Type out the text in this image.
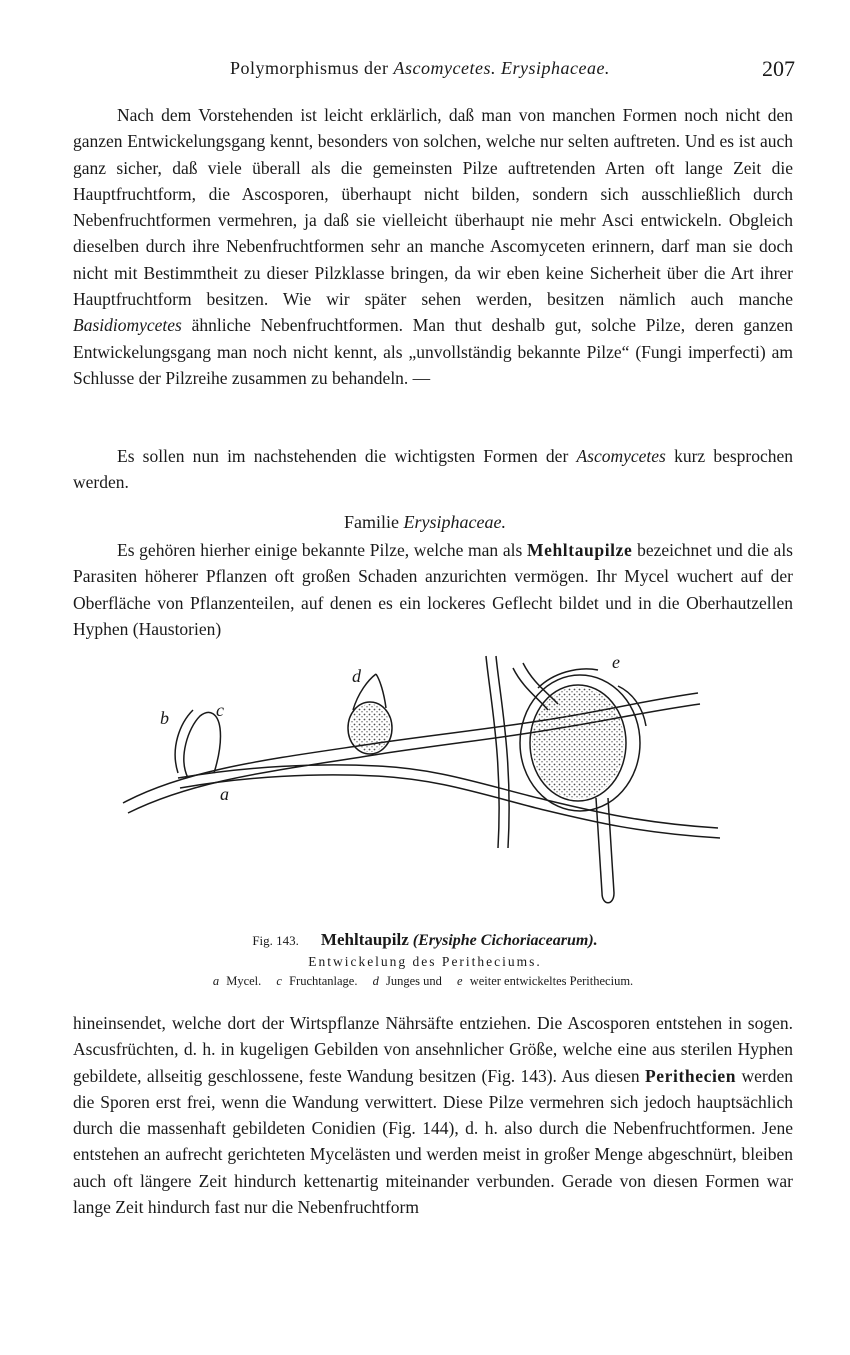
Polymorphismus der Ascomycetes. Erysiphaceae.	207

Nach dem Vorstehenden ist leicht erklärlich, daß man von manchen Formen noch nicht den ganzen Entwickelungsgang kennt, besonders von solchen, welche nur selten auftreten. Und es ist auch ganz sicher, daß viele überall als die gemeinsten Pilze auftretenden Arten oft lange Zeit die Hauptfruchtform, die Ascosporen, überhaupt nicht bilden, sondern sich ausschließlich durch Nebenfruchtformen vermehren, ja daß sie vielleicht überhaupt nie mehr Asci entwickeln. Obgleich dieselben durch ihre Nebenfruchtformen sehr an manche Ascomyceten erinnern, darf man sie doch nicht mit Bestimmtheit zu dieser Pilzklasse bringen, da wir eben keine Sicherheit über die Art ihrer Hauptfruchtform besitzen. Wie wir später sehen werden, besitzen nämlich auch manche Basidiomycetes ähnliche Nebenfruchtformen. Man thut deshalb gut, solche Pilze, deren ganzen Entwickelungsgang man noch nicht kennt, als „unvollständig bekannte Pilze“ (Fungi imperfecti) am Schlusse der Pilzreihe zusammen zu behandeln. —

Es sollen nun im nachstehenden die wichtigsten Formen der Ascomycetes kurz besprochen werden.

Familie Erysiphaceae.

Es gehören hierher einige bekannte Pilze, welche man als Mehltaupilze bezeichnet und die als Parasiten höherer Pflanzen oft großen Schaden anzurichten vermögen. Ihr Mycel wuchert auf der Oberfläche von Pflanzenteilen, auf denen es ein lockeres Geflecht bildet und in die Oberhautzellen Hyphen (Haustorien)

b	c
d
e
a
Fig. 143. Mehltaupilz (Erysiphe Cichoriacearum).
Entwickelung des Peritheciums.
a Mycel. c Fruchtanlage. d Junges und e weiter entwickeltes Perithecium.

hineinsendet, welche dort der Wirtspflanze Nährsäfte entziehen. Die Ascosporen entstehen in sogen. Ascusfrüchten, d. h. in kugeligen Gebilden von ansehnlicher Größe, welche eine aus sterilen Hyphen gebildete, allseitig geschlossene, feste Wandung besitzen (Fig. 143). Aus diesen Perithecien werden die Sporen erst frei, wenn die Wandung verwittert. Diese Pilze vermehren sich jedoch hauptsächlich durch die massenhaft gebildeten Conidien (Fig. 144), d. h. also durch die Nebenfruchtformen. Jene entstehen an aufrecht gerichteten Mycelästen und werden meist in großer Menge abgeschnürt, bleiben auch oft längere Zeit hindurch kettenartig miteinander verbunden. Gerade von diesen Formen war lange Zeit hindurch fast nur die Nebenfruchtform
